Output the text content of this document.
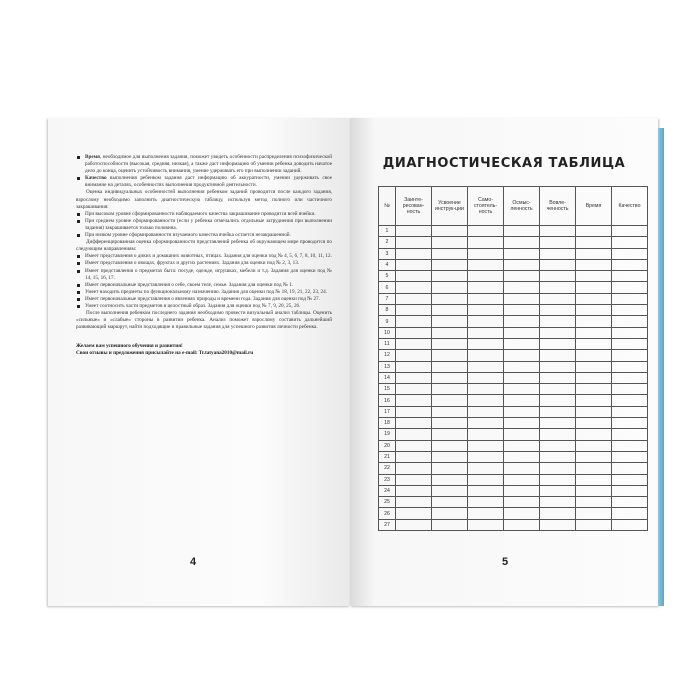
Время, необходимое для выполнения задания, поможет увидеть особенности распределения психофизической работоспособности (высокая, средняя, низкая), а также даст информацию об умении ребенка доводить начатое дело до конца, оценить устойчивость внимания, умение удерживать его при выполнении заданий.

Качество выполнения ребенком задания даст информацию об аккуратности, умении удерживать свое внимание на деталях, особенностях выполнения продуктивной деятельности.

Оценка индивидуальных особенностей выполнения ребенком заданий проводится после каждого задания, взрослому необходимо заполнить диагностическую таблицу, используя метод полного или частичного закрашивания:

При высоком уровне сформированности наблюдаемого качества закрашивание проводится всей ячейки.

При среднем уровне сформированности (если у ребенка отмечались отдельные затруднения при выполнении задания) закрашивается только половина.

При низком уровне сформированности изучаемого качества ячейка остается незакрашенной.

Дифференцированная оценка сформированности представлений ребенка об окружающем мире проводится по следующим направлениям:

Имеет представления о диких и домашних животных, птицах. Задания для оценки под № 4, 5, 6, 7, 8, 10, 11, 12.

Имеет представления о овощах, фруктах и других растениях. Задания для оценки под № 2, 3, 13.

Имеет представления о предметах быта: посуде, одежде, игрушках, мебели и т.д. Задания для оценки под № 14, 15, 16, 17.

Имеет первоначальные представления о себе, своем теле, семье. Задания для оценки под № 1.

Умеет находить предметы по функциональному назначению. Задания для оценки под № 18, 19, 21, 22, 23, 24.

Имеет первоначальные представления о явлениях природы и времени года. Задания для оценки под № 27.

Умеет соотносить части предметов в целостный образ. Задания для оценки под № 7, 9, 20, 25, 26.

После выполнения ребенком последнего задания необходимо провести визуальный анализ таблицы. Оценить «сильные» и «слабые» стороны в развитии ребенка. Анализ поможет взрослому составить дальнейший развивающий маршрут, найти подходящие и правильные задания для успешного развития личности ребенка.

Желаем вам успешного обучения и развития!

Свои отзывы и предложения присылайте на e-mail: Tr.tatyana2010@mail.ru

4
ДИАГНОСТИЧЕСКАЯ ТАБЛИЦА
№	Заинте-ресован-ность	Усвоение инструк-ции	Само-стоятель-ность	Осмыс-ленность	Вовле-ченность	Время	Качество
1							
2							
3							
4							
5							
6							
7							
8							
9							
10							
11							
12							
13							
14							
15							
16							
17							
18							
19							
20							
21							
22							
23							
24							
25							
26							
27							
5
